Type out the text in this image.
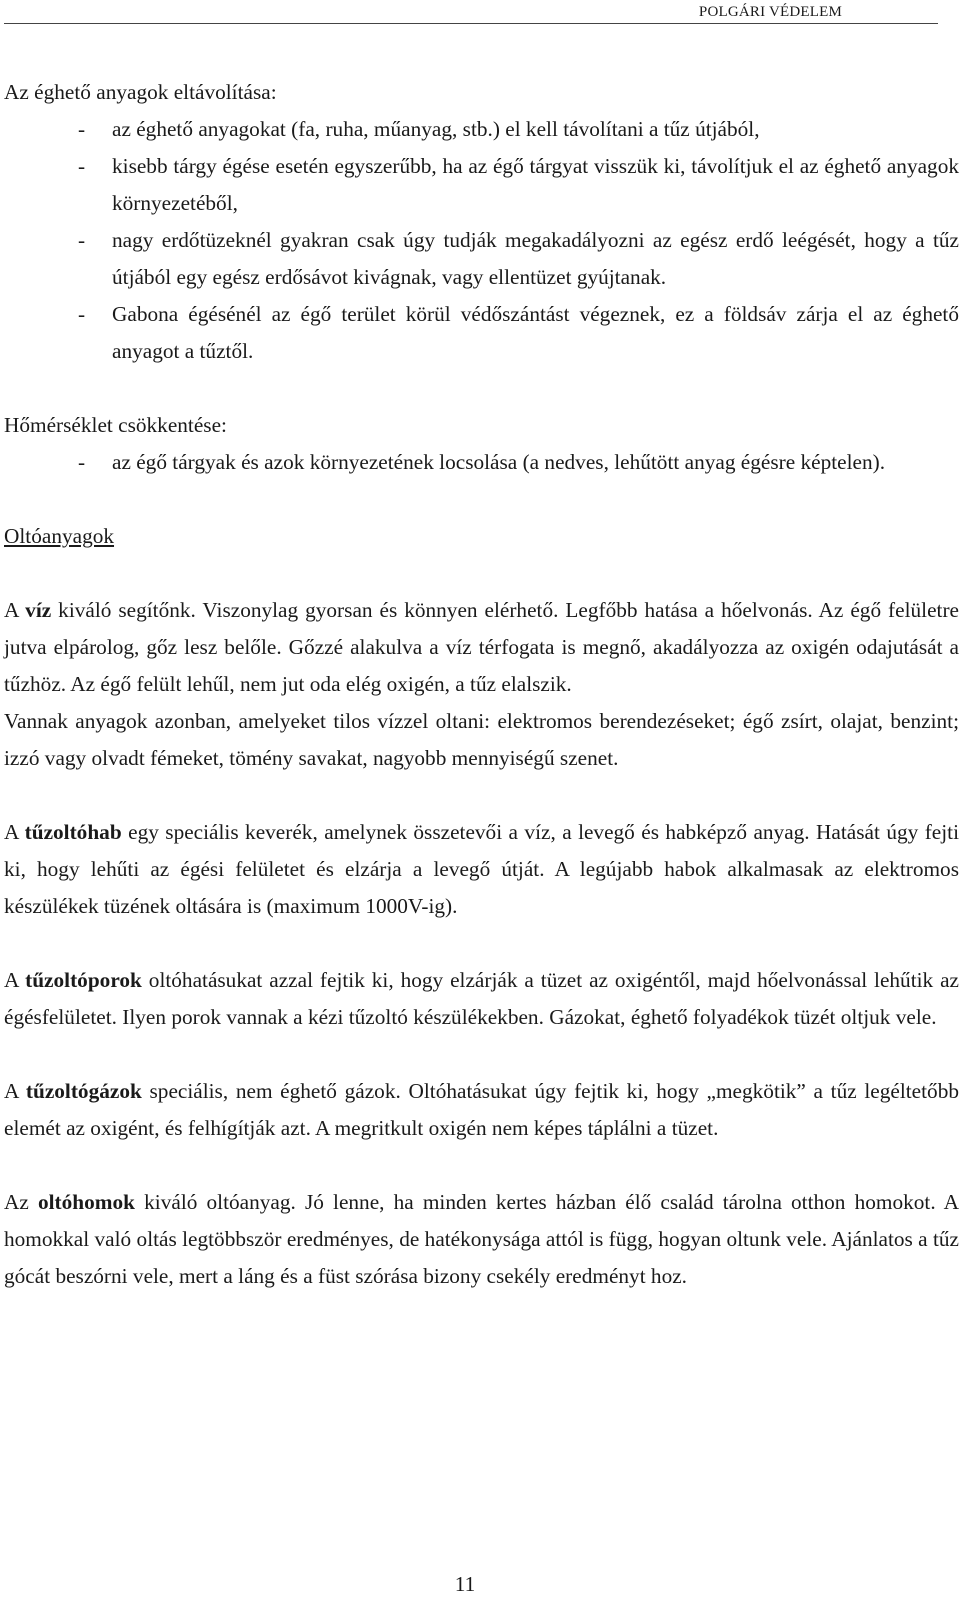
POLGÁRI VÉDELEM

Az éghető anyagok eltávolítása:

- az éghető anyagokat (fa, ruha, műanyag, stb.) el kell távolítani a tűz útjából,
- kisebb tárgy égése esetén egyszerűbb, ha az égő tárgyat visszük ki, távolítjuk el az éghető anyagok környezetéből,
- nagy erdőtüzeknél gyakran csak úgy tudják megakadályozni az egész erdő leégését, hogy a tűz útjából egy egész erdősávot kivágnak, vagy ellentüzet gyújtanak.
- Gabona égésénél az égő terület körül védőszántást végeznek, ez a földsáv zárja el az éghető anyagot a tűztől.

Hőmérséklet csökkentése:

- az égő tárgyak és azok környezetének locsolása (a nedves, lehűtött anyag égésre képtelen).

Oltóanyagok

A víz kiváló segítőnk. Viszonylag gyorsan és könnyen elérhető. Legfőbb hatása a hőelvonás. Az égő felületre jutva elpárolog, gőz lesz belőle. Gőzzé alakulva a víz térfogata is megnő, akadályozza az oxigén odajutását a tűzhöz. Az égő felült lehűl, nem jut oda elég oxigén, a tűz elalszik.

Vannak anyagok azonban, amelyeket tilos vízzel oltani: elektromos berendezéseket; égő zsírt, olajat, benzint; izzó vagy olvadt fémeket, tömény savakat, nagyobb mennyiségű szenet.

A tűzoltóhab egy speciális keverék, amelynek összetevői a víz, a levegő és habképző anyag. Hatását úgy fejti ki, hogy lehűti az égési felületet és elzárja a levegő útját. A legújabb habok alkalmasak az elektromos készülékek tüzének oltására is (maximum 1000V-ig).

A tűzoltóporok oltóhatásukat azzal fejtik ki, hogy elzárják a tüzet az oxigéntől, majd hőelvonással lehűtik az égésfelületet. Ilyen porok vannak a kézi tűzoltó készülékekben. Gázokat, éghető folyadékok tüzét oltjuk vele.

A tűzoltógázok speciális, nem éghető gázok. Oltóhatásukat úgy fejtik ki, hogy „megkötik” a tűz legéltetőbb elemét az oxigént, és felhígítják azt. A megritkult oxigén nem képes táplálni a tüzet.

Az oltóhomok kiváló oltóanyag. Jó lenne, ha minden kertes házban élő család tárolna otthon homokot. A homokkal való oltás legtöbbször eredményes, de hatékonysága attól is függ, hogyan oltunk vele. Ajánlatos a tűz gócát beszórni vele, mert a láng és a füst szórása bizony csekély eredményt hoz.

11
